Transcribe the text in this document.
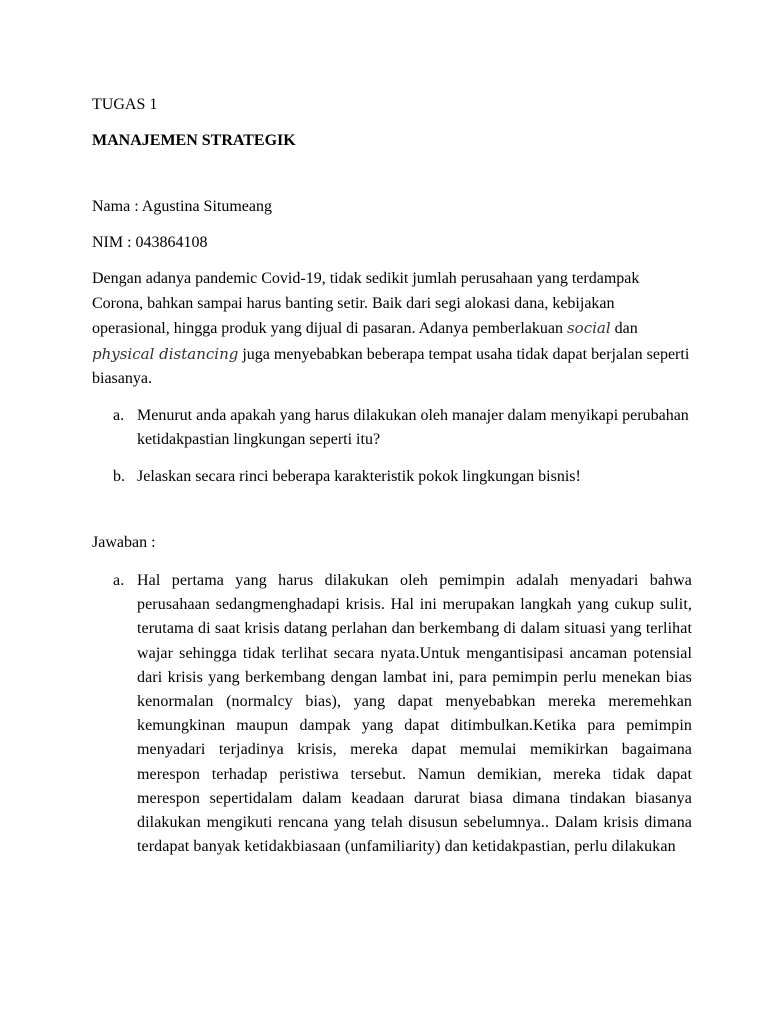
TUGAS 1
MANAJEMEN STRATEGIK
Nama : Agustina Situmeang
NIM : 043864108

Dengan adanya pandemic Covid-19, tidak sedikit jumlah perusahaan yang terdampak Corona, bahkan sampai harus banting setir. Baik dari segi alokasi dana, kebijakan operasional, hingga produk yang dijual di pasaran. Adanya pemberlakuan social dan physical distancing juga menyebabkan beberapa tempat usaha tidak dapat berjalan seperti biasanya.

a. Menurut anda apakah yang harus dilakukan oleh manajer dalam menyikapi perubahan ketidakpastian lingkungan seperti itu?
b. Jelaskan secara rinci beberapa karakteristik pokok lingkungan bisnis!
Jawaban :
a. Hal pertama yang harus dilakukan oleh pemimpin adalah menyadari bahwa perusahaan sedangmenghadapi krisis. Hal ini merupakan langkah yang cukup sulit, terutama di saat krisis datang perlahan dan berkembang di dalam situasi yang terlihat wajar sehingga tidak terlihat secara nyata.Untuk mengantisipasi ancaman potensial dari krisis yang berkembang dengan lambat ini, para pemimpin perlu menekan bias kenormalan (normalcy bias), yang dapat menyebabkan mereka meremehkan kemungkinan maupun dampak yang dapat ditimbulkan.Ketika para pemimpin menyadari terjadinya krisis, mereka dapat memulai memikirkan bagaimana merespon terhadap peristiwa tersebut. Namun demikian, mereka tidak dapat merespon sepertidalam dalam keadaan darurat biasa dimana tindakan biasanya dilakukan mengikuti rencana yang telah disusun sebelumnya.. Dalam krisis dimana terdapat banyak ketidakbiasaan (unfamiliarity) dan ketidakpastian, perlu dilakukan
